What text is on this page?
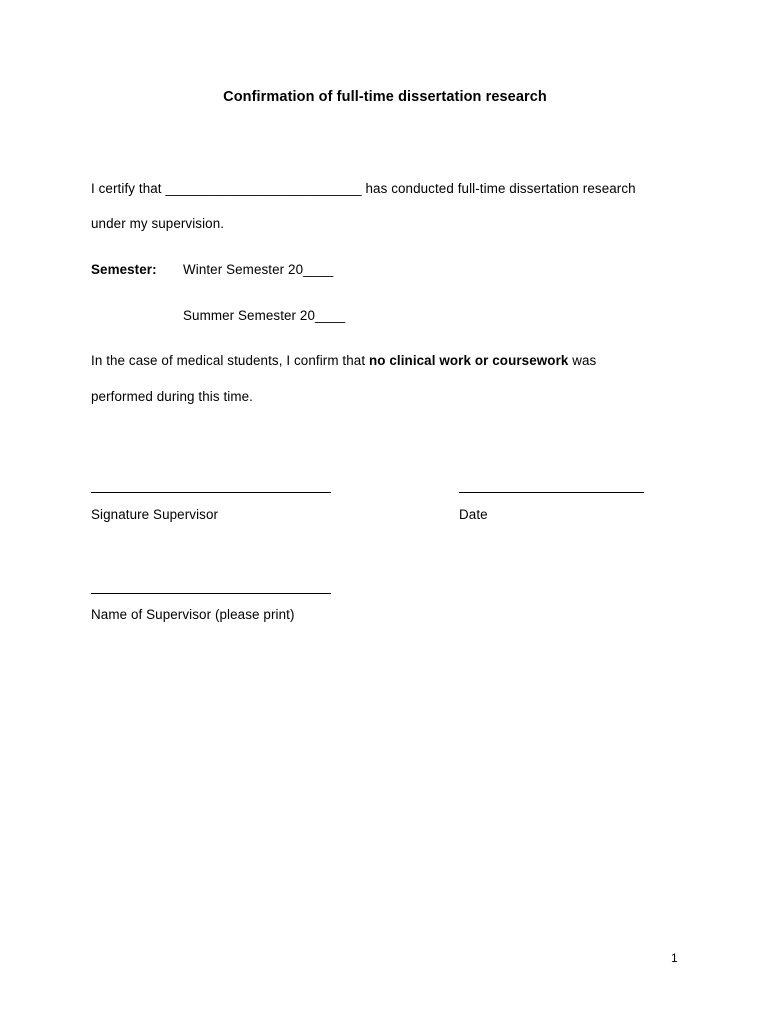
Confirmation of full-time dissertation research
I certify that __________________________ has conducted full-time dissertation research
under my supervision.
Semester: Winter Semester 20____
Summer Semester 20____
In the case of medical students, I confirm that no clinical work or coursework was
performed during this time.
Signature Supervisor	Date
Name of Supervisor (please print)
1
